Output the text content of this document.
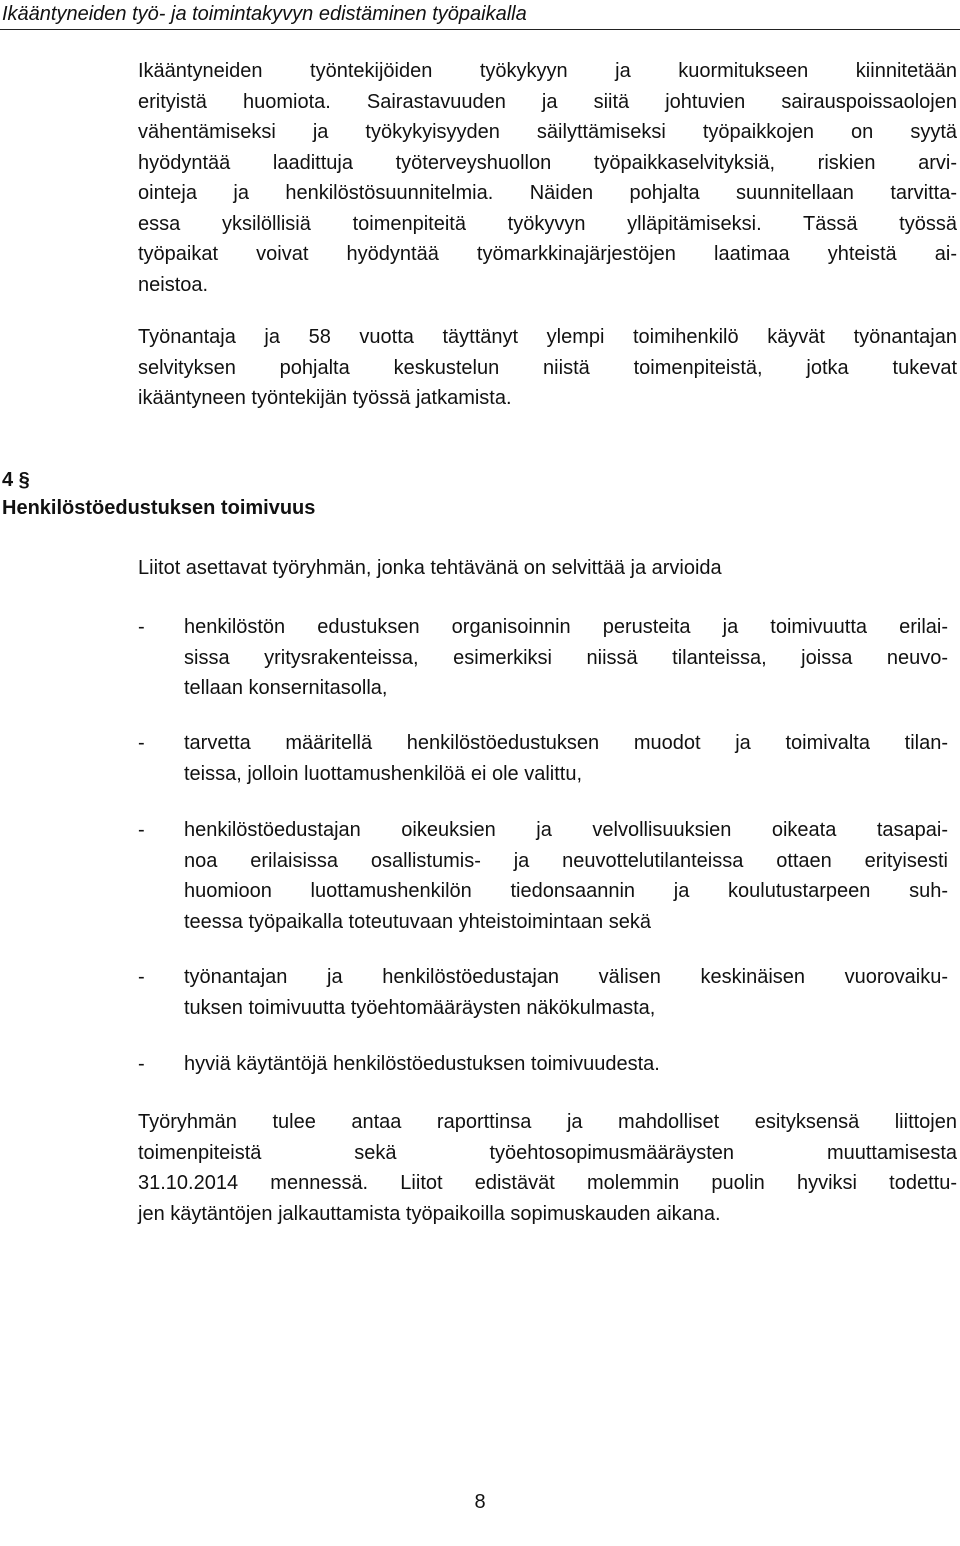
Ikääntyneiden työ- ja toimintakyvyn edistäminen työpaikalla
Ikääntyneiden työntekijöiden työkykyyn ja kuormitukseen kiinnitetään
erityistä huomiota. Sairastavuuden ja siitä johtuvien sairauspoissaolojen
vähentämiseksi ja työkykyisyyden säilyttämiseksi työpaikkojen on syytä
hyödyntää laadittuja työterveyshuollon työpaikkaselvityksiä, riskien arvi-
ointeja ja henkilöstösuunnitelmia. Näiden pohjalta suunnitellaan tarvitta-
essa yksilöllisiä toimenpiteitä työkyvyn ylläpitämiseksi. Tässä työssä
työpaikat voivat hyödyntää työmarkkinajärjestöjen laatimaa yhteistä ai-
neistoa.
Työnantaja ja 58 vuotta täyttänyt ylempi toimihenkilö käyvät työnantajan
selvityksen pohjalta keskustelun niistä toimenpiteistä, jotka tukevat
ikääntyneen työntekijän työssä jatkamista.
4 §
Henkilöstöedustuksen toimivuus
Liitot asettavat työryhmän, jonka tehtävänä on selvittää ja arvioida
- henkilöstön edustuksen organisoinnin perusteita ja toimivuutta erilai-
sissa yritysrakenteissa, esimerkiksi niissä tilanteissa, joissa neuvo-
tellaan konsernitasolla,
- tarvetta määritellä henkilöstöedustuksen muodot ja toimivalta tilan-
teissa, jolloin luottamushenkilöä ei ole valittu,
- henkilöstöedustajan oikeuksien ja velvollisuuksien oikeata tasapai-
noa erilaisissa osallistumis- ja neuvottelutilanteissa ottaen erityisesti
huomioon luottamushenkilön tiedonsaannin ja koulutustarpeen suh-
teessa työpaikalla toteutuvaan yhteistoimintaan sekä
- työnantajan ja henkilöstöedustajan välisen keskinäisen vuorovaiku-
tuksen toimivuutta työehtomääräysten näkökulmasta,
- hyviä käytäntöjä henkilöstöedustuksen toimivuudesta.
Työryhmän tulee antaa raporttinsa ja mahdolliset esityksensä liittojen
toimenpiteistä sekä työehtosopimusmääräysten muuttamisesta
31.10.2014 mennessä. Liitot edistävät molemmin puolin hyviksi todettu-
jen käytäntöjen jalkauttamista työpaikoilla sopimuskauden aikana.
8
